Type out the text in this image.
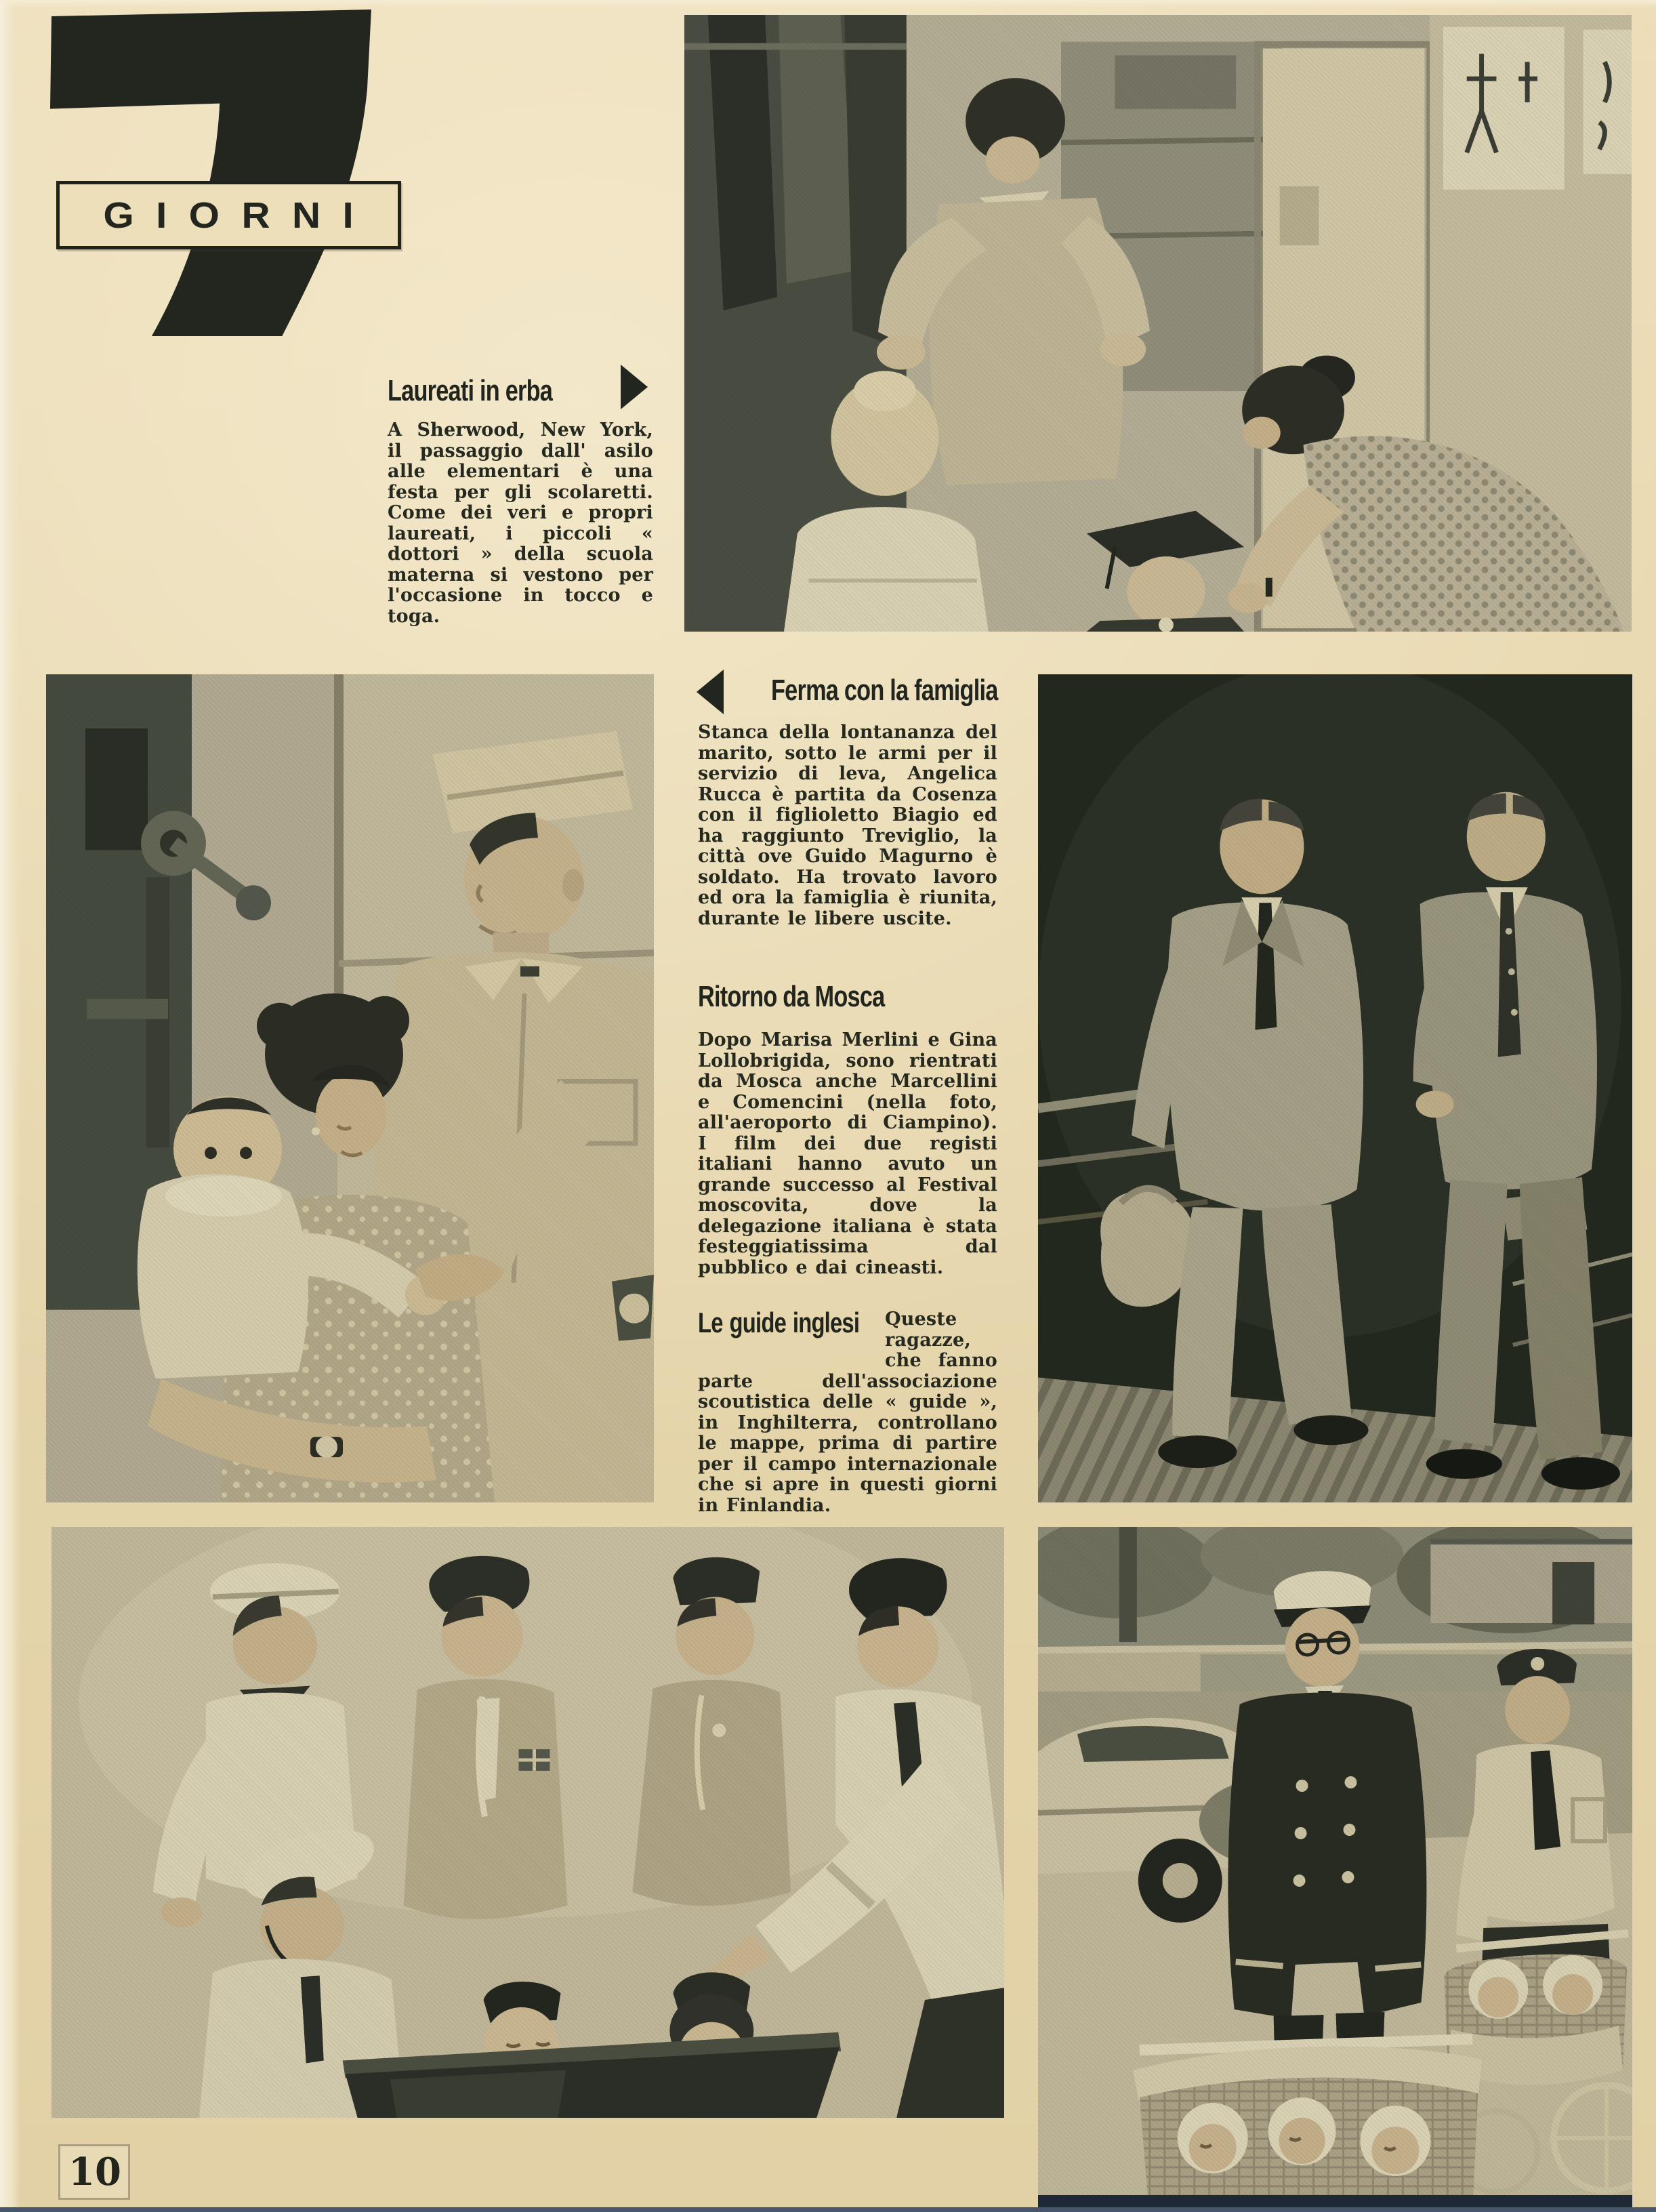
GIORNI
Laureati in erba
A Sherwood, New York, il passaggio dall' asilo alle elementari è una festa per gli scolaretti. Come dei veri e propri laureati, i piccoli « dottori » della scuola materna si vestono per l'occasione in tocco e toga.
Ferma con la famiglia
Stanca della lontananza del marito, sotto le armi per il servizio di leva, Angelica Rucca è partita da Cosenza con il figlioletto Biagio ed ha raggiunto Treviglio, la città ove Guido Magurno è soldato. Ha trovato lavoro ed ora la famiglia è riunita, durante le libere uscite.
Ritorno da Mosca
Dopo Marisa Merlini e Gina Lollobrigida, sono rientrati da Mosca anche Marcellini e Comencini (nella foto, all'aeroporto di Ciampino). I film dei due registi italiani hanno avuto un grande successo al Festival moscovita, dove la delegazione italiana è stata festeggiatissima dal pubblico e dai cineasti.
Le guide inglesi	Queste ragazze, che fanno parte dell'associazione scoutistica delle « guide », in Inghilterra, controllano le mappe, prima di partire per il campo internazionale che si apre in questi giorni in Finlandia.
10
